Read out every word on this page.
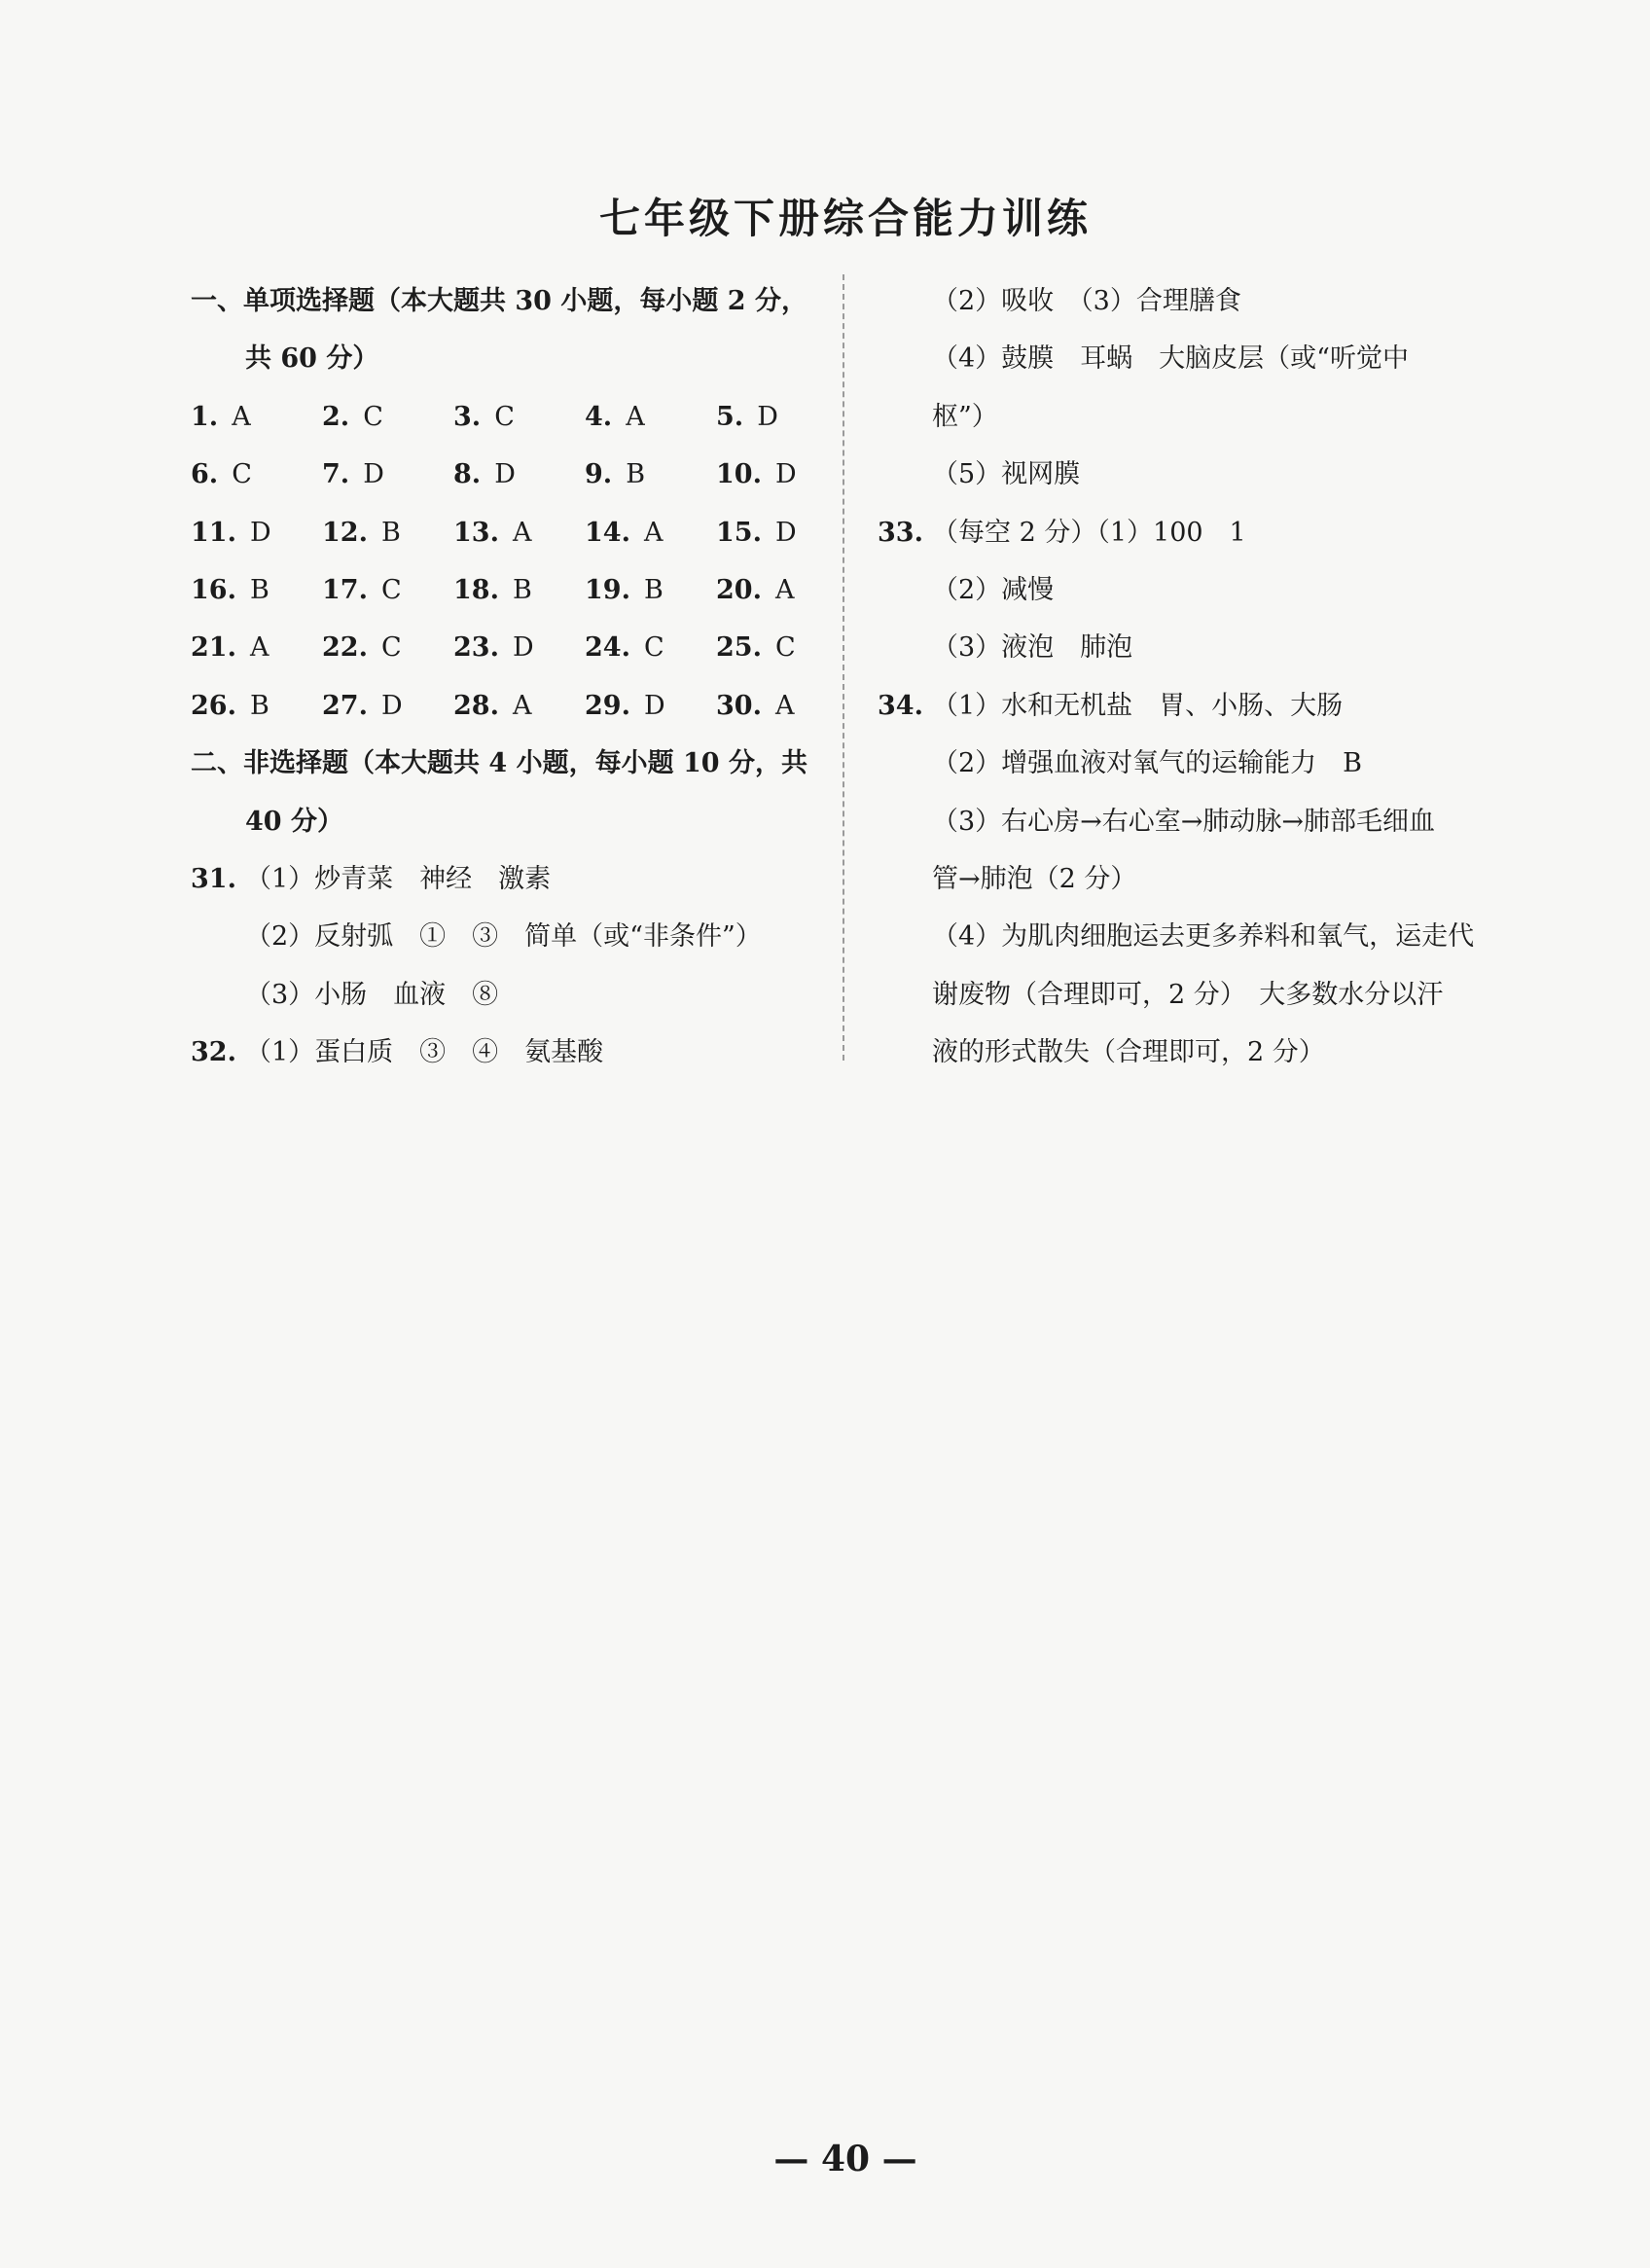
七年级下册综合能力训练
一、单项选择题（本大题共 30 小题，每小题 2 分，
共 60 分）
1. A	2. C	3. C	4. A	5. D
6. C	7. D	8. D	9. B	10. D
11. D 12. B 13. A 14. A 15. D
16. B 17. C 18. B 19. B 20. A
21. A 22. C 23. D 24. C 25. C
26. B 27. D 28. A 29. D 30. A
二、非选择题（本大题共 4 小题，每小题 10 分，共
40 分）
31. （1）炒青菜　神经　激素
（2）反射弧　①　③　简单（或“非条件”）
（3）小肠　血液　⑧
32. （1）蛋白质　③　④　氨基酸
（2）吸收　（3）合理膳食
（4）鼓膜　耳蜗　大脑皮层（或“听觉中
枢”）
（5）视网膜
33. （每空 2 分）（1）100　1
（2）减慢
（3）液泡　肺泡
34. （1）水和无机盐　胃、小肠、大肠
（2）增强血液对氧气的运输能力　B
（3）右心房→右心室→肺动脉→肺部毛细血
管→肺泡（2 分）
（4）为肌肉细胞运去更多养料和氧气，运走代
谢废物（合理即可，2 分）　大多数水分以汗
液的形式散失（合理即可，2 分）
— 40 —
